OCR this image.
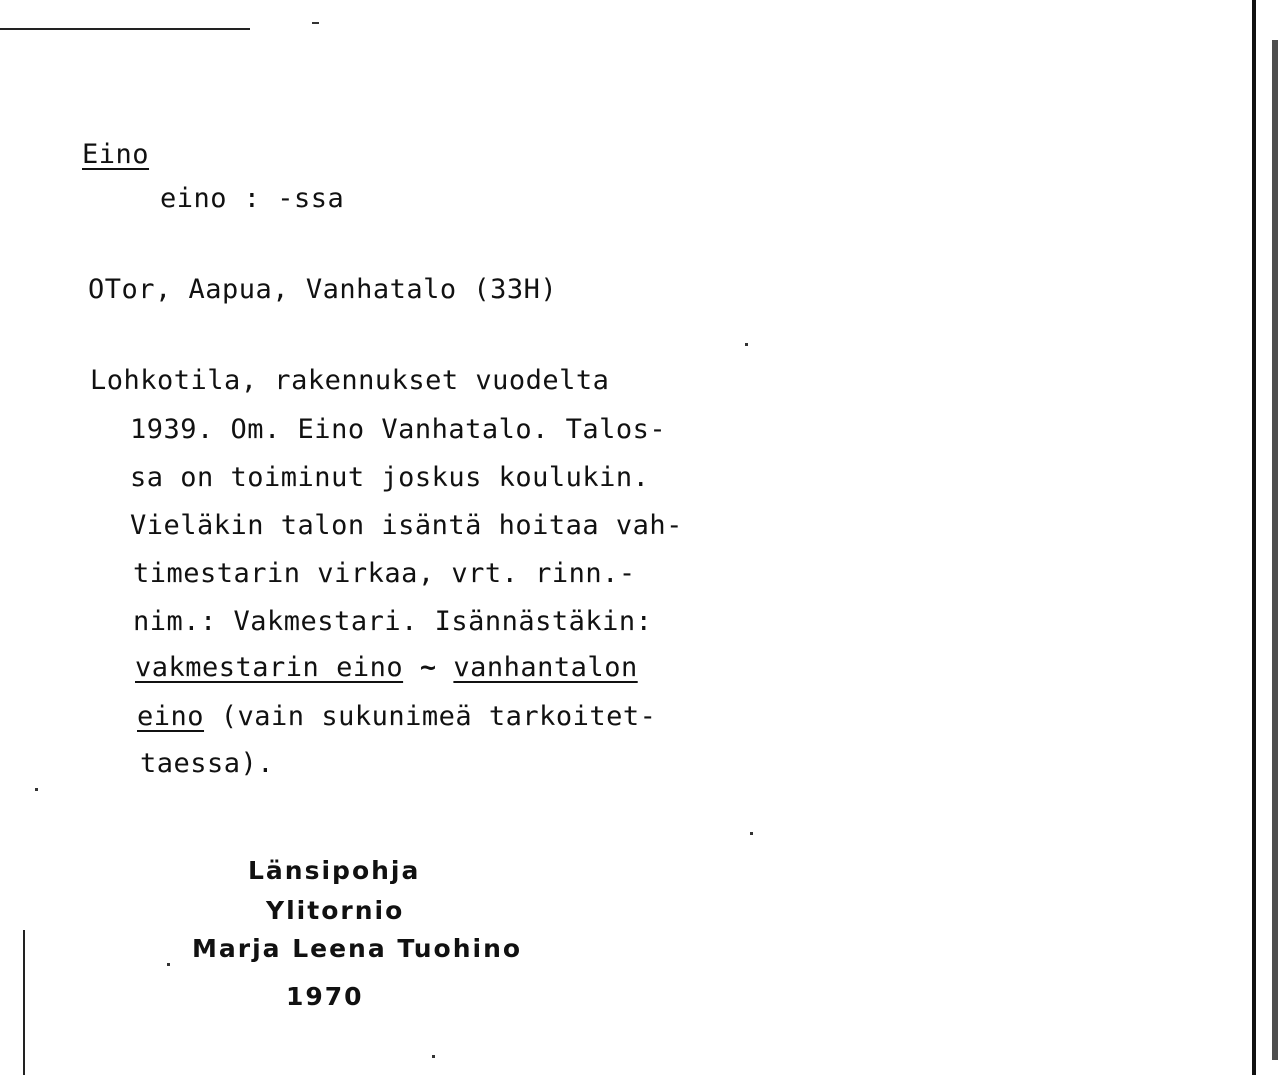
Eino
eino : -ssa
OTor, Aapua, Vanhatalo (33H)
Lohkotila, rakennukset vuodelta
1939. Om. Eino Vanhatalo. Talos-
sa on toiminut joskus koulukin.
Vieläkin talon isäntä hoitaa vah-
timestarin virkaa, vrt. rinn.-
nim.: Vakmestari. Isännästäkin:
vakmestarin eino ~ vanhantalon
eino (vain sukunimeä tarkoitet-
taessa).
Länsipohja
Ylitornio
Marja Leena Tuohino
1970
